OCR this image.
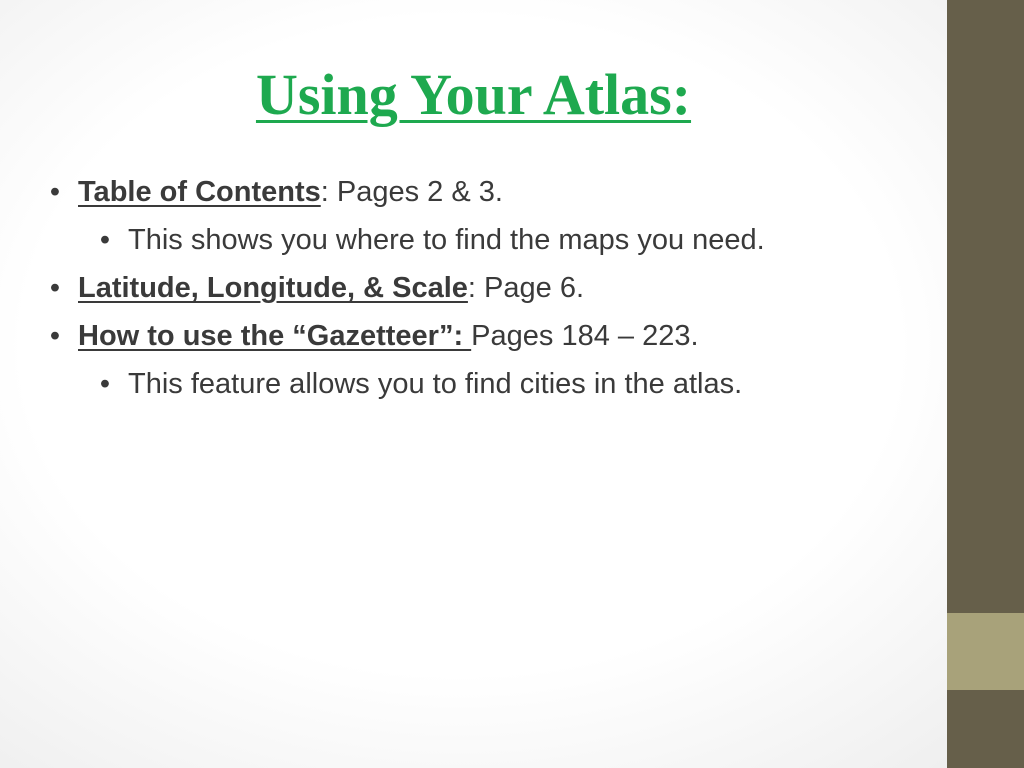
Using Your Atlas:
• Table of Contents: Pages 2 & 3.
• This shows you where to find the maps you need.
• Latitude, Longitude, & Scale: Page 6.
• How to use the “Gazetteer”: Pages 184 – 223.
• This feature allows you to find cities in the atlas.
